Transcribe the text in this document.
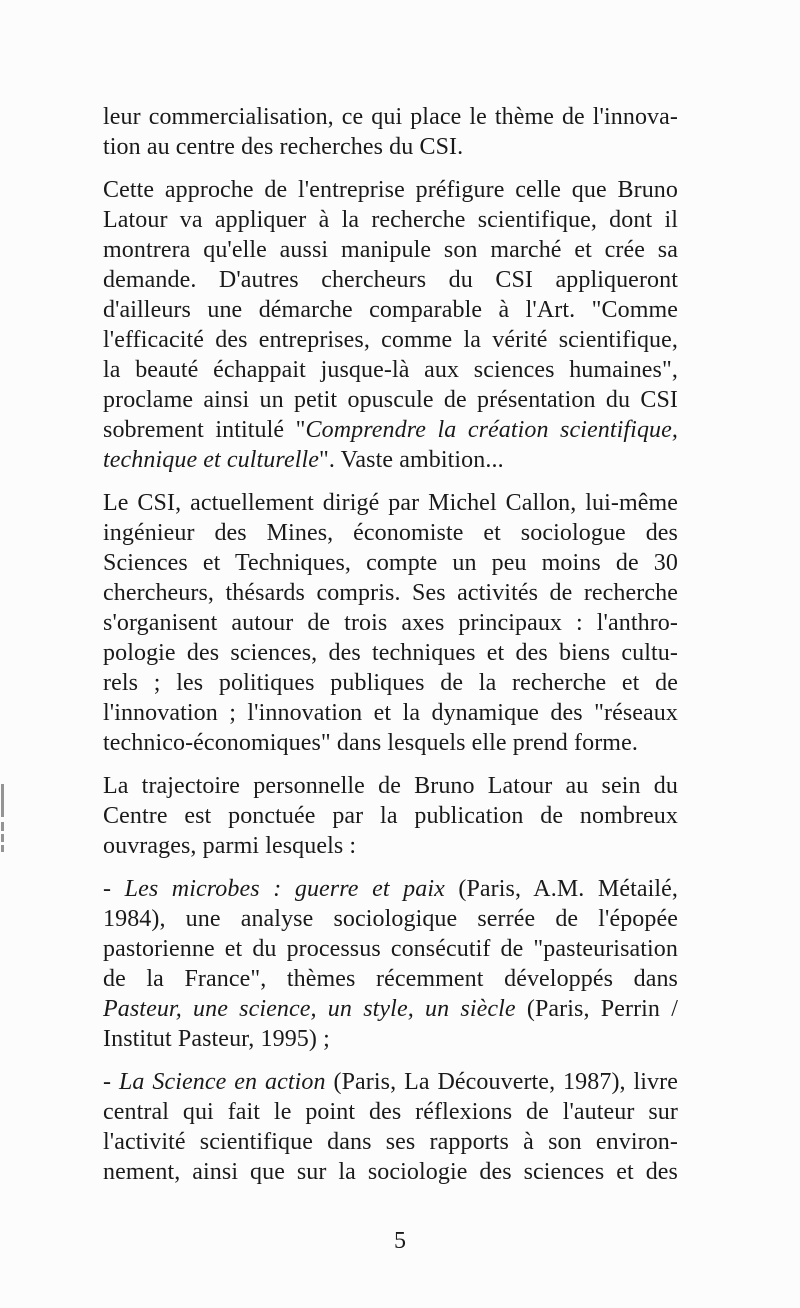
leur commercialisation, ce qui place le thème de l'innova-
tion au centre des recherches du CSI.

Cette approche de l'entreprise préfigure celle que Bruno
Latour va appliquer à la recherche scientifique, dont il
montrera qu'elle aussi manipule son marché et crée sa
demande. D'autres chercheurs du CSI appliqueront
d'ailleurs une démarche comparable à l'Art. "Comme
l'efficacité des entreprises, comme la vérité scientifique,
la beauté échappait jusque-là aux sciences humaines",
proclame ainsi un petit opuscule de présentation du CSI
sobrement intitulé "Comprendre la création scientifique,
technique et culturelle". Vaste ambition...

Le CSI, actuellement dirigé par Michel Callon, lui-même
ingénieur des Mines, économiste et sociologue des
Sciences et Techniques, compte un peu moins de 30
chercheurs, thésards compris. Ses activités de recherche
s'organisent autour de trois axes principaux : l'anthro-
pologie des sciences, des techniques et des biens cultu-
rels ; les politiques publiques de la recherche et de
l'innovation ; l'innovation et la dynamique des "réseaux
technico-économiques" dans lesquels elle prend forme.

La trajectoire personnelle de Bruno Latour au sein du
Centre est ponctuée par la publication de nombreux
ouvrages, parmi lesquels :

- Les microbes : guerre et paix (Paris, A.M. Métailé,
1984), une analyse sociologique serrée de l'épopée
pastorienne et du processus consécutif de "pasteurisation
de la France", thèmes récemment développés dans
Pasteur, une science, un style, un siècle (Paris, Perrin /
Institut Pasteur, 1995) ;

- La Science en action (Paris, La Découverte, 1987), livre
central qui fait le point des réflexions de l'auteur sur
l'activité scientifique dans ses rapports à son environ-
nement, ainsi que sur la sociologie des sciences et des

5
